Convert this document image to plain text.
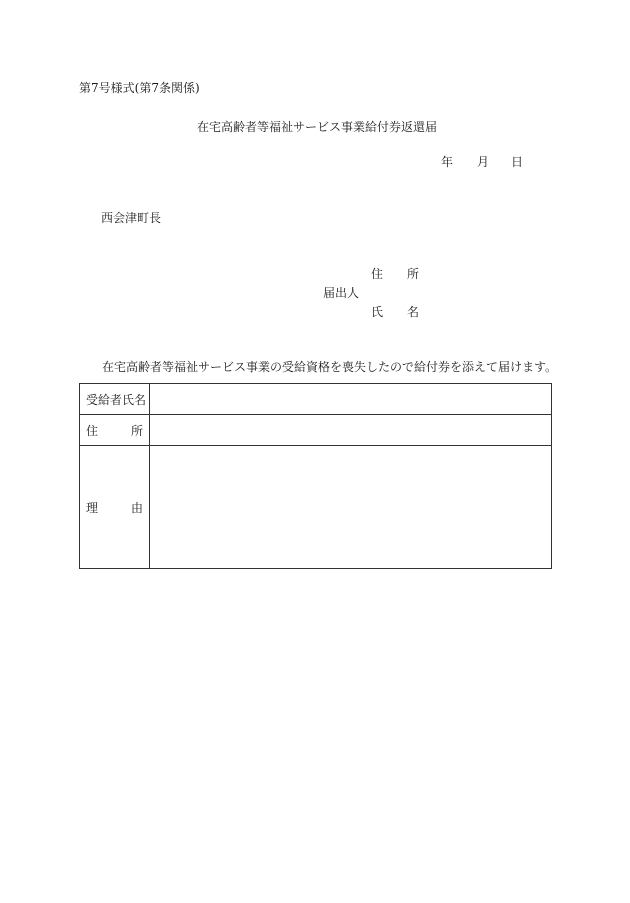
第7号様式(第7条関係)
在宅高齢者等福祉サービス事業給付券返還届
年 月 日
西会津町長
住 所
届出人
氏 名
在宅高齢者等福祉サービス事業の受給資格を喪失したので給付券を添えて届けます。
受給者氏名	

住 所	

理 由	
